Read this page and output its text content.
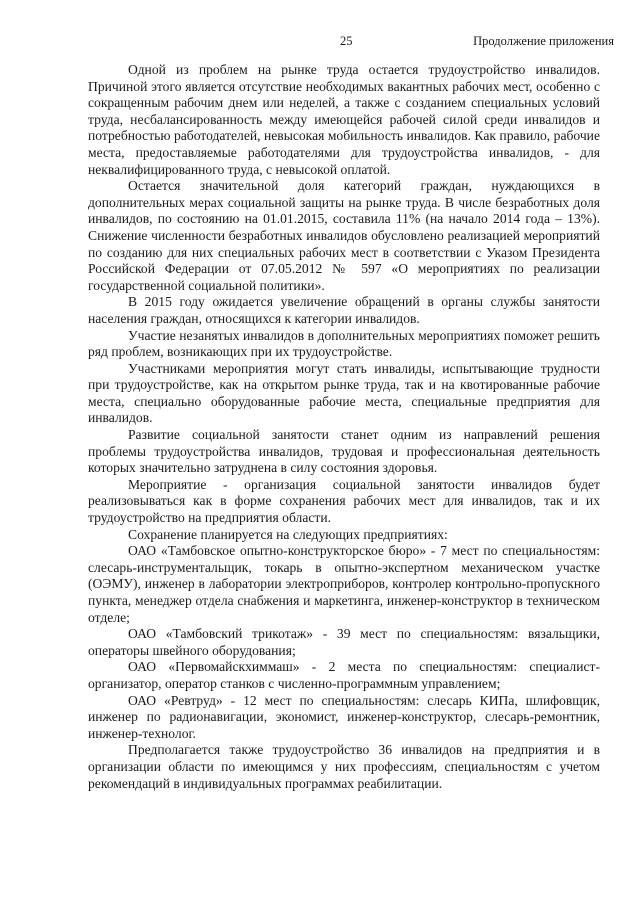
25	Продолжение приложения

Одной из проблем на рынке труда остается трудоустройство инвалидов. Причиной этого является отсутствие необходимых вакантных рабочих мест, особенно с сокращенным рабочим днем или неделей, а также с созданием специальных условий труда, несбалансированность между имеющейся рабочей силой среди инвалидов и потребностью работодателей, невысокая мобильность инвалидов. Как правило, рабочие места, предоставляемые работодателями для трудоустройства инвалидов, - для неквалифицированного труда, с невысокой оплатой.

Остается значительной доля категорий граждан, нуждающихся в дополнительных мерах социальной защиты на рынке труда. В числе безработных доля инвалидов, по состоянию на 01.01.2015, составила 11% (на начало 2014 года – 13%). Снижение численности безработных инвалидов обусловлено реализацией мероприятий по созданию для них специальных рабочих мест в соответствии с Указом Президента Российской Федерации от 07.05.2012 № 597 «О мероприятиях по реализации государственной социальной политики».

В 2015 году ожидается увеличение обращений в органы службы занятости населения граждан, относящихся к категории инвалидов.

Участие незанятых инвалидов в дополнительных мероприятиях поможет решить ряд проблем, возникающих при их трудоустройстве.

Участниками мероприятия могут стать инвалиды, испытывающие трудности при трудоустройстве, как на открытом рынке труда, так и на квотированные рабочие места, специально оборудованные рабочие места, специальные предприятия для инвалидов.

Развитие социальной занятости станет одним из направлений решения проблемы трудоустройства инвалидов, трудовая и профессиональная деятельность которых значительно затруднена в силу состояния здоровья.

Мероприятие - организация социальной занятости инвалидов будет реализовываться как в форме сохранения рабочих мест для инвалидов, так и их трудоустройство на предприятия области.

Сохранение планируется на следующих предприятиях:

ОАО «Тамбовское опытно-конструкторское бюро» - 7 мест по специальностям: слесарь-инструментальщик, токарь в опытно-экспертном механическом участке (ОЭМУ), инженер в лаборатории электроприборов, контролер контрольно-пропускного пункта, менеджер отдела снабжения и маркетинга, инженер-конструктор в техническом отделе;

ОАО «Тамбовский трикотаж» - 39 мест по специальностям: вязальщики, операторы швейного оборудования;

ОАО «Первомайскхиммаш» - 2 места по специальностям: специалист-организатор, оператор станков с численно-программным управлением;

ОАО «Ревтруд» - 12 мест по специальностям: слесарь КИПа, шлифовщик, инженер по радионавигации, экономист, инженер-конструктор, слесарь-ремонтник, инженер-технолог.

Предполагается также трудоустройство 36 инвалидов на предприятия и в организации области по имеющимся у них профессиям, специальностям с учетом рекомендаций в индивидуальных программах реабилитации.
